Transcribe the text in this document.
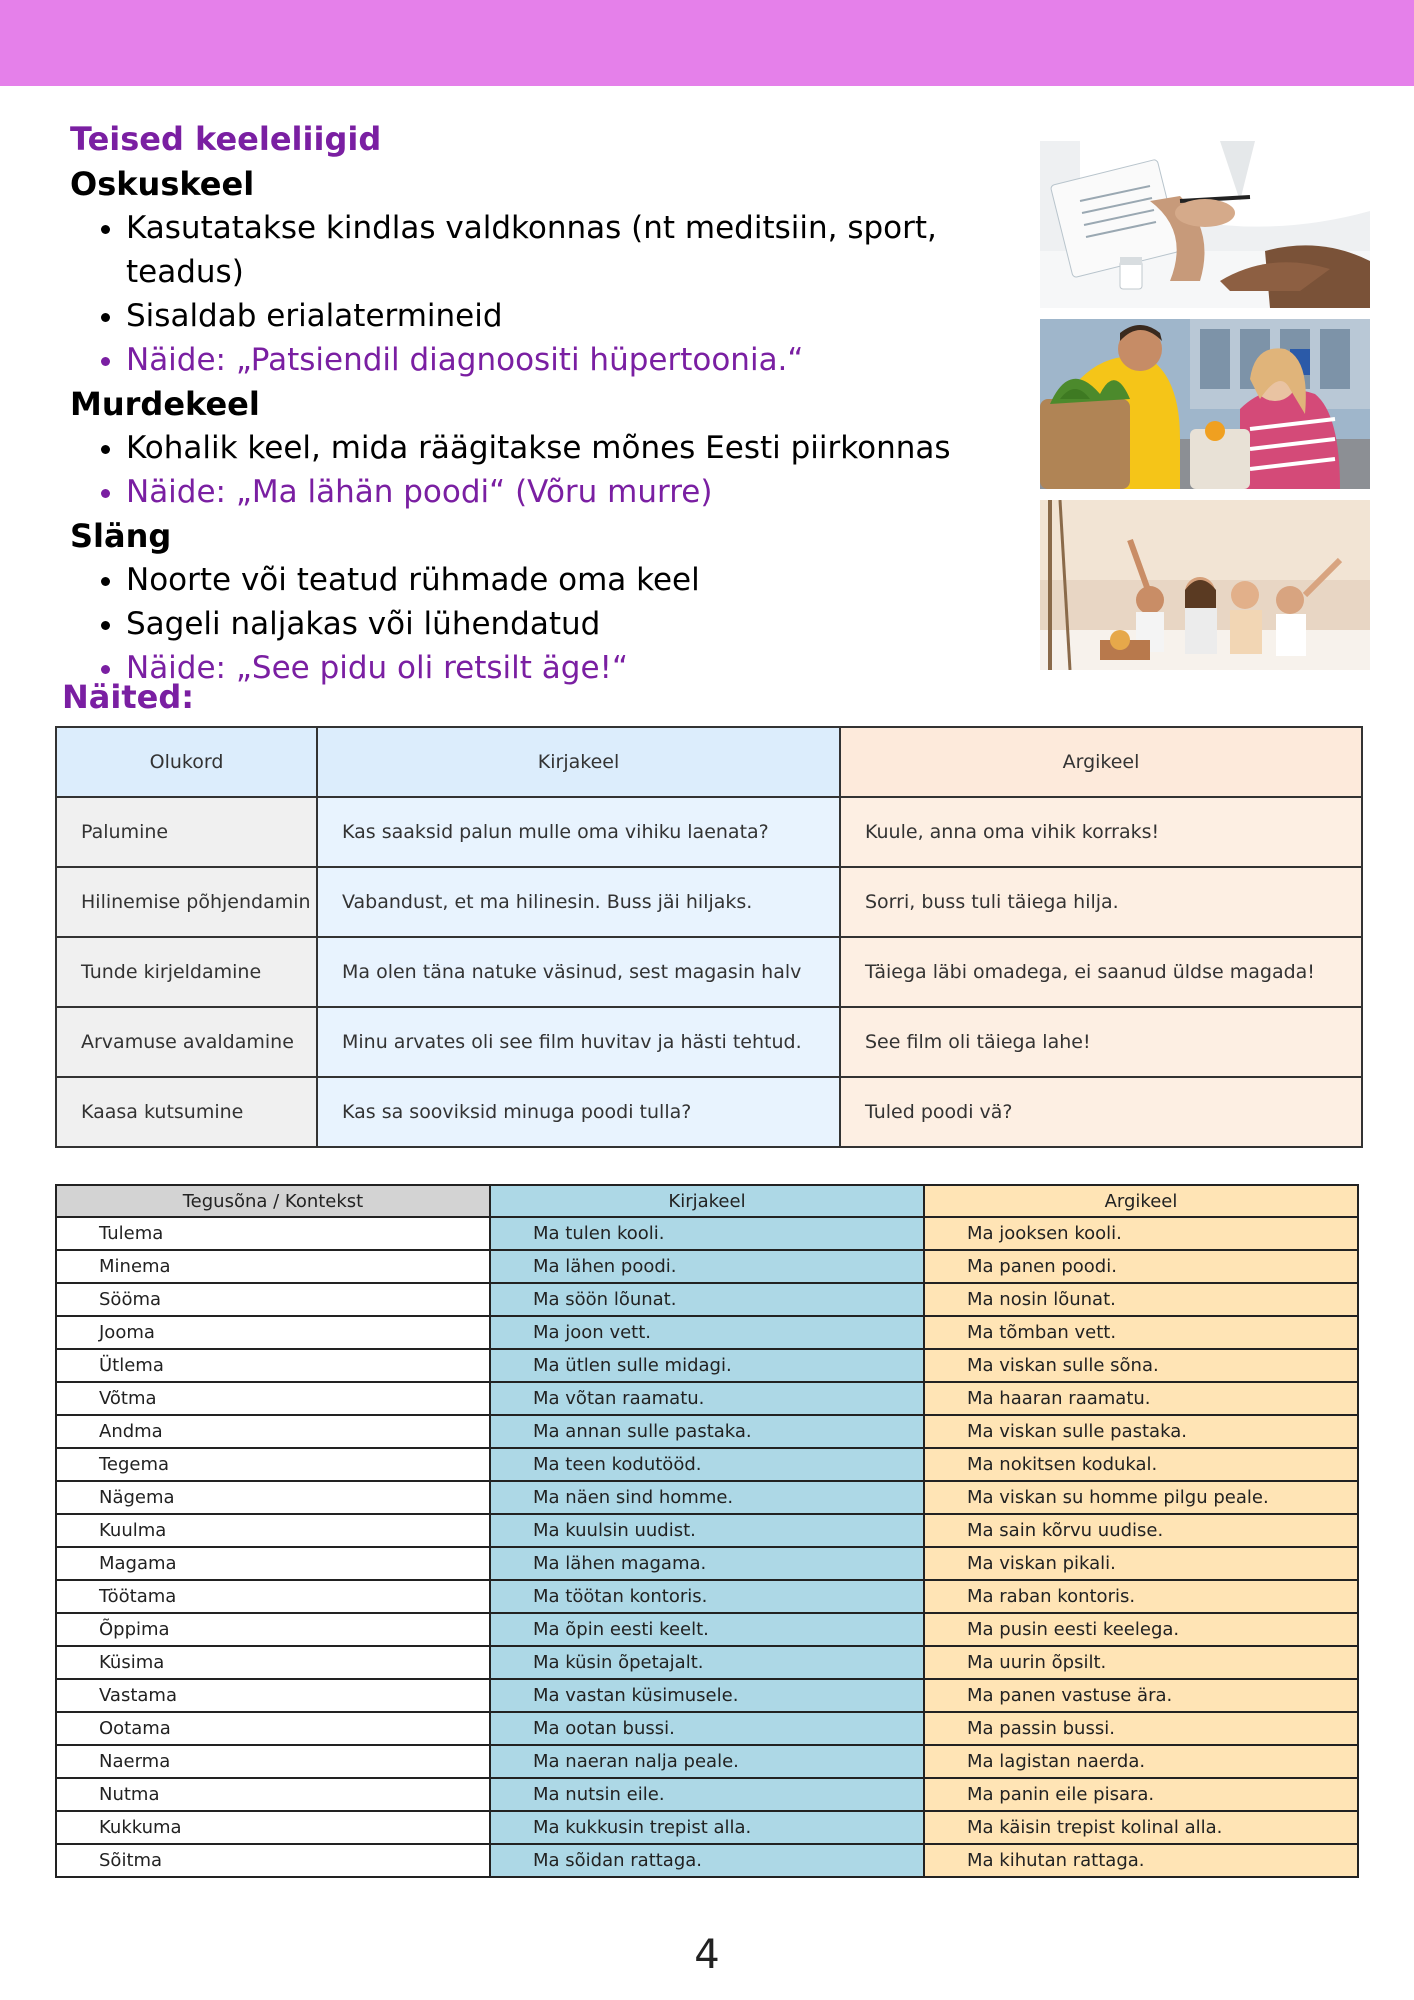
Teised keeleliigid

Oskuskeel

• Kasutatakse kindlas valdkonnas (nt meditsiin, sport, teadus)
• Sisaldab erialatermineid
• Näide: „Patsiendil diagnoositi hüpertoonia.“

Murdekeel

• Kohalik keel, mida räägitakse mõnes Eesti piirkonnas
• Näide: „Ma lähän poodi“ (Võru murre)

Släng

• Noorte või teatud rühmade oma keel
• Sageli naljakas või lühendatud
• Näide: „See pidu oli retsilt äge!“
Näited:
Olukord	Kirjakeel	Argikeel
Palumine	Kas saaksid palun mulle oma vihiku laenata?	Kuule, anna oma vihik korraks!
Hilinemise põhjendamin	Vabandust, et ma hilinesin. Buss jäi hiljaks.	Sorri, buss tuli täiega hilja.
Tunde kirjeldamine	Ma olen täna natuke väsinud, sest magasin halv	Täiega läbi omadega, ei saanud üldse magada!
Arvamuse avaldamine	Minu arvates oli see film huvitav ja hästi tehtud.	See film oli täiega lahe!
Kaasa kutsumine	Kas sa sooviksid minuga poodi tulla?	Tuled poodi vä?
Tegusõna / Kontekst	Kirjakeel	Argikeel
Tulema	Ma tulen kooli.	Ma jooksen kooli.
Minema	Ma lähen poodi.	Ma panen poodi.
Sööma	Ma söön lõunat.	Ma nosin lõunat.
Jooma	Ma joon vett.	Ma tõmban vett.
Ütlema	Ma ütlen sulle midagi.	Ma viskan sulle sõna.
Võtma	Ma võtan raamatu.	Ma haaran raamatu.
Andma	Ma annan sulle pastaka.	Ma viskan sulle pastaka.
Tegema	Ma teen kodutööd.	Ma nokitsen kodukal.
Nägema	Ma näen sind homme.	Ma viskan su homme pilgu peale.
Kuulma	Ma kuulsin uudist.	Ma sain kõrvu uudise.
Magama	Ma lähen magama.	Ma viskan pikali.
Töötama	Ma töötan kontoris.	Ma raban kontoris.
Õppima	Ma õpin eesti keelt.	Ma pusin eesti keelega.
Küsima	Ma küsin õpetajalt.	Ma uurin õpsilt.
Vastama	Ma vastan küsimusele.	Ma panen vastuse ära.
Ootama	Ma ootan bussi.	Ma passin bussi.
Naerma	Ma naeran nalja peale.	Ma lagistan naerda.
Nutma	Ma nutsin eile.	Ma panin eile pisara.
Kukkuma	Ma kukkusin trepist alla.	Ma käisin trepist kolinal alla.
Sõitma	Ma sõidan rattaga.	Ma kihutan rattaga.
4
